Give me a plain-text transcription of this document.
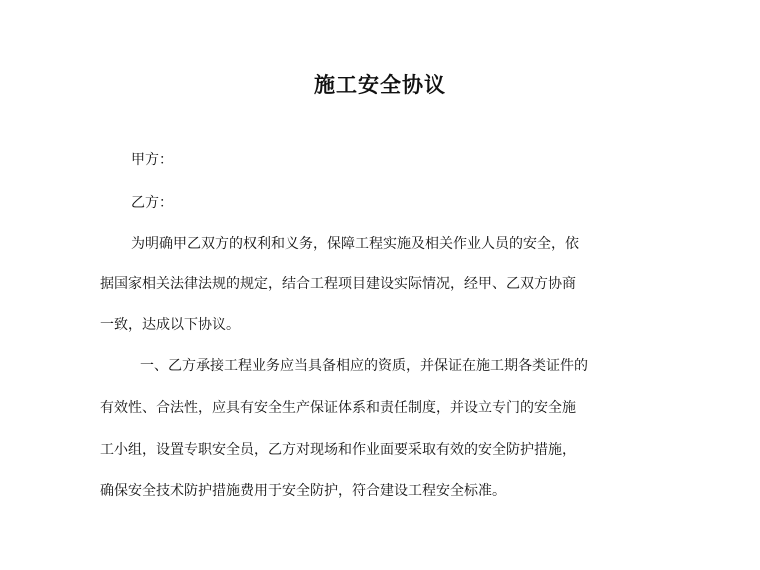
施工安全协议
甲方：
乙方：
为明确甲乙双方的权利和义务，保障工程实施及相关作业人员的安全，依
据国家相关法律法规的规定，结合工程项目建设实际情况，经甲、乙双方协商
一致，达成以下协议。
一、乙方承接工程业务应当具备相应的资质，并保证在施工期各类证件的
有效性、合法性，应具有安全生产保证体系和责任制度，并设立专门的安全施
工小组，设置专职安全员，乙方对现场和作业面要采取有效的安全防护措施，
确保安全技术防护措施费用于安全防护，符合建设工程安全标准。
